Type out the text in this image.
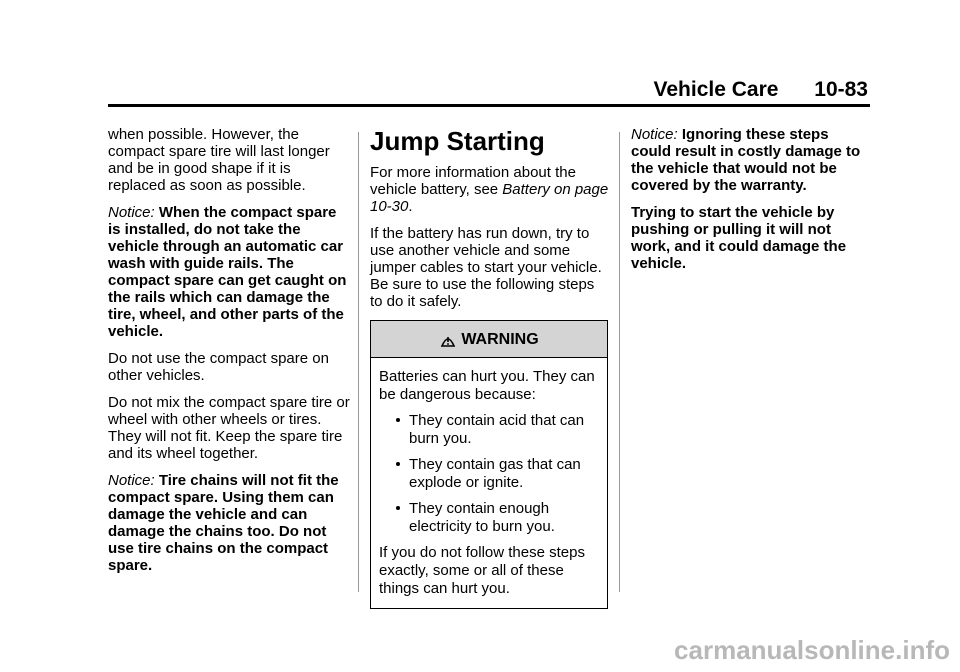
Vehicle Care 10-83

when possible. However, the compact spare tire will last longer and be in good shape if it is replaced as soon as possible.

Notice: When the compact spare is installed, do not take the vehicle through an automatic car wash with guide rails. The compact spare can get caught on the rails which can damage the tire, wheel, and other parts of the vehicle.

Do not use the compact spare on other vehicles.

Do not mix the compact spare tire or wheel with other wheels or tires. They will not fit. Keep the spare tire and its wheel together.

Notice: Tire chains will not fit the compact spare. Using them can damage the vehicle and can damage the chains too. Do not use tire chains on the compact spare.

Jump Starting

For more information about the vehicle battery, see Battery on page 10-30.

If the battery has run down, try to use another vehicle and some jumper cables to start your vehicle. Be sure to use the following steps to do it safely.

WARNING

Batteries can hurt you. They can be dangerous because:

They contain acid that can burn you.
They contain gas that can explode or ignite.
They contain enough electricity to burn you.

If you do not follow these steps exactly, some or all of these things can hurt you.

Notice: Ignoring these steps could result in costly damage to the vehicle that would not be covered by the warranty.

Trying to start the vehicle by pushing or pulling it will not work, and it could damage the vehicle.

carmanualsonline.info
